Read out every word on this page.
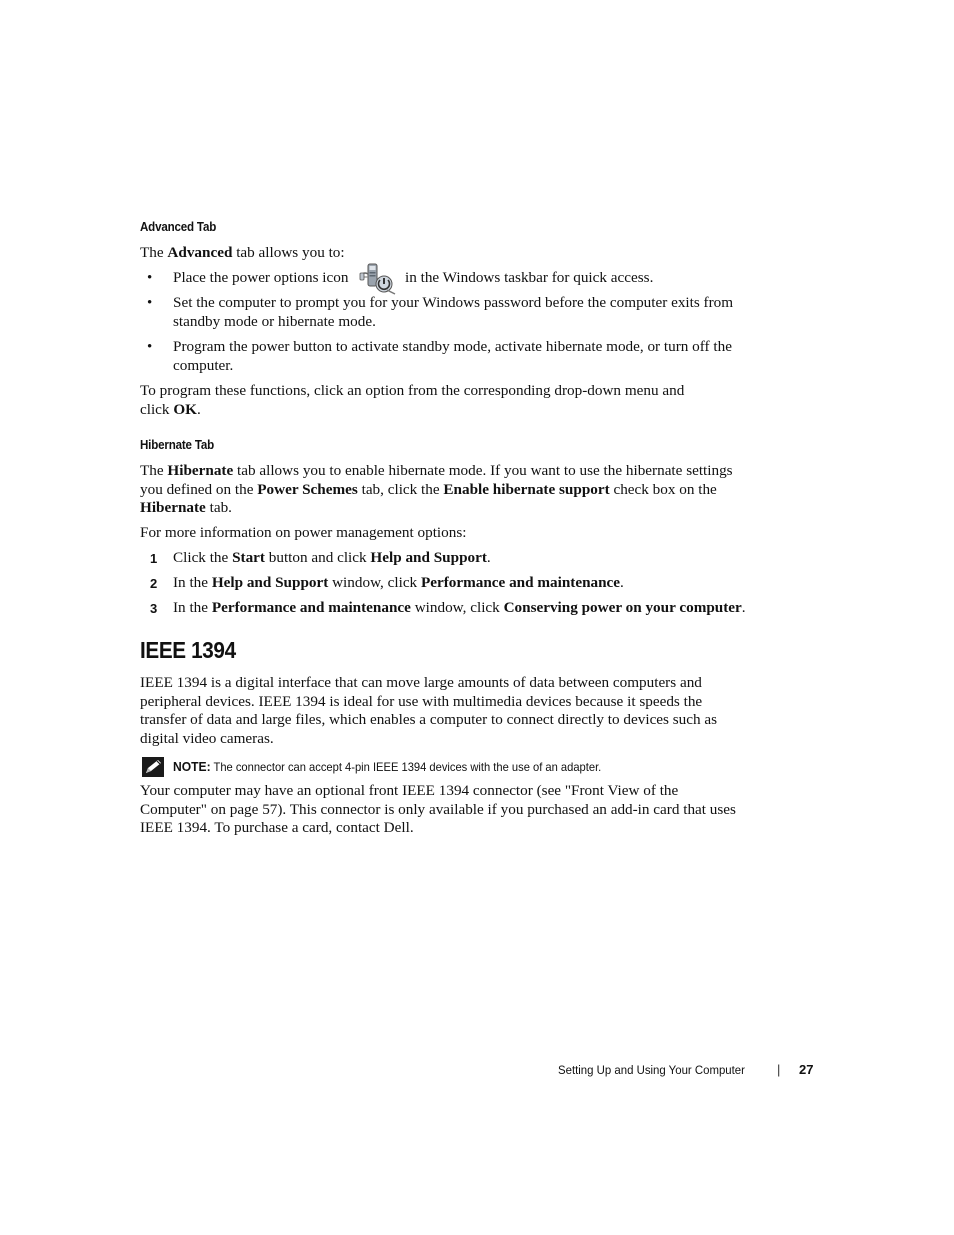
Advanced Tab
The Advanced tab allows you to:
• Place the power options icon	in the Windows taskbar for quick access.
• Set the computer to prompt you for your Windows password before the computer exits from
standby mode or hibernate mode.
• Program the power button to activate standby mode, activate hibernate mode, or turn off the
computer.
To program these functions, click an option from the corresponding drop-down menu and
click OK.
Hibernate Tab
The Hibernate tab allows you to enable hibernate mode. If you want to use the hibernate settings
you defined on the Power Schemes tab, click the Enable hibernate support check box on the
Hibernate tab.
For more information on power management options:
1 Click the Start button and click Help and Support.
2 In the Help and Support window, click Performance and maintenance.
3 In the Performance and maintenance window, click Conserving power on your computer.
IEEE 1394
IEEE 1394 is a digital interface that can move large amounts of data between computers and
peripheral devices. IEEE 1394 is ideal for use with multimedia devices because it speeds the
transfer of data and large files, which enables a computer to connect directly to devices such as
digital video cameras.
NOTE: The connector can accept 4-pin IEEE 1394 devices with the use of an adapter.
Your computer may have an optional front IEEE 1394 connector (see "Front View of the
Computer" on page 57). This connector is only available if you purchased an add-in card that uses
IEEE 1394. To purchase a card, contact Dell.
Setting Up and Using Your Computer | 27
